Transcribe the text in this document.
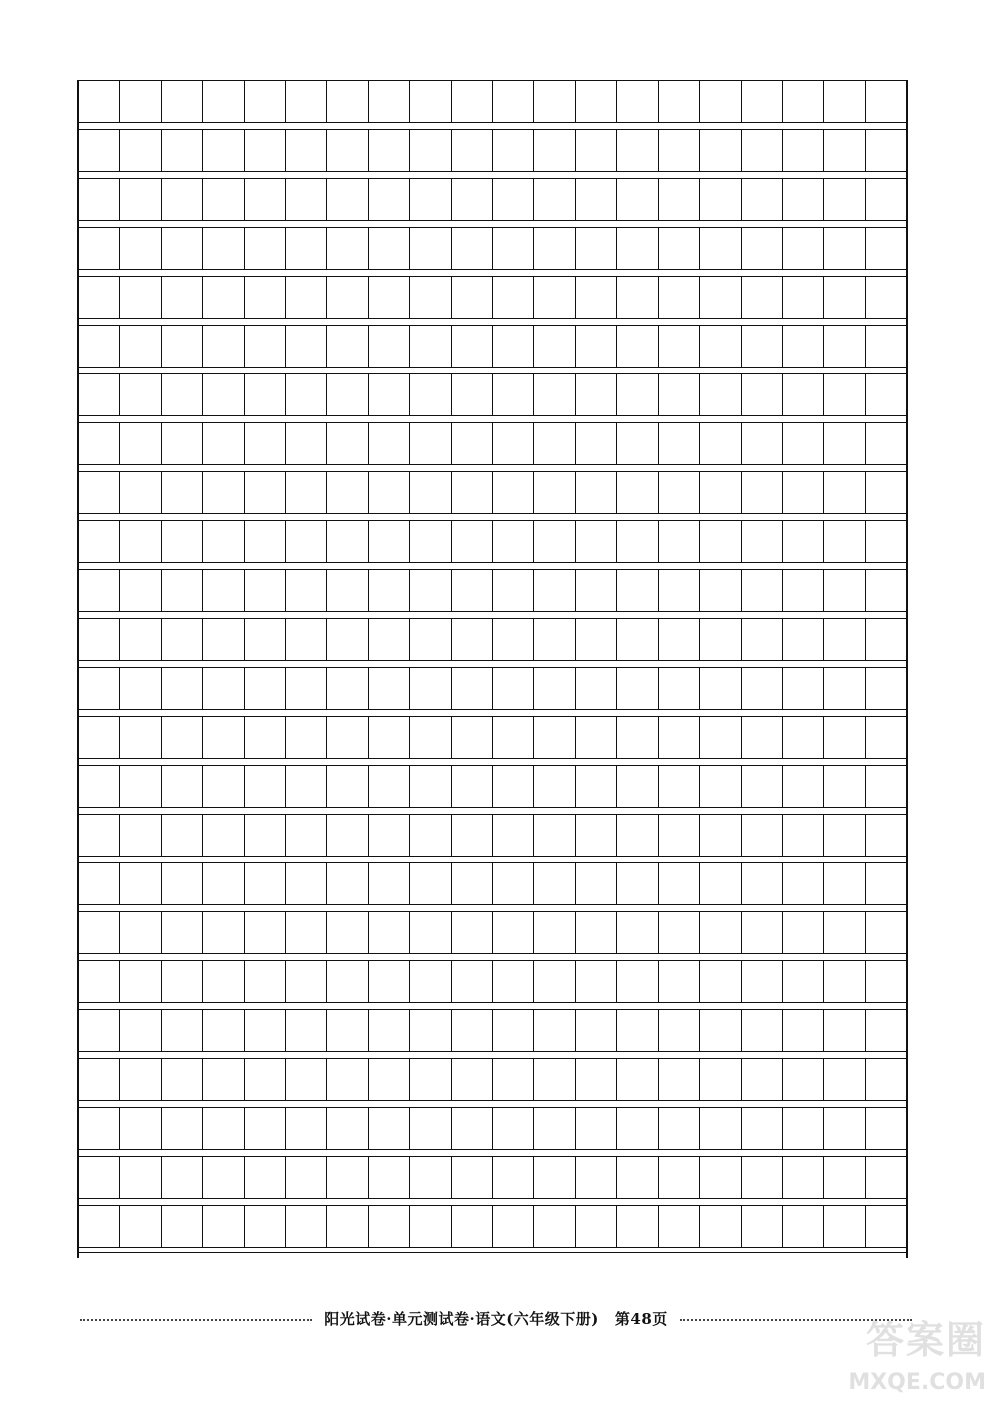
阳光试卷·单元测试卷·语文(六年级下册) 第48页	答案圈
MXQE.COM
